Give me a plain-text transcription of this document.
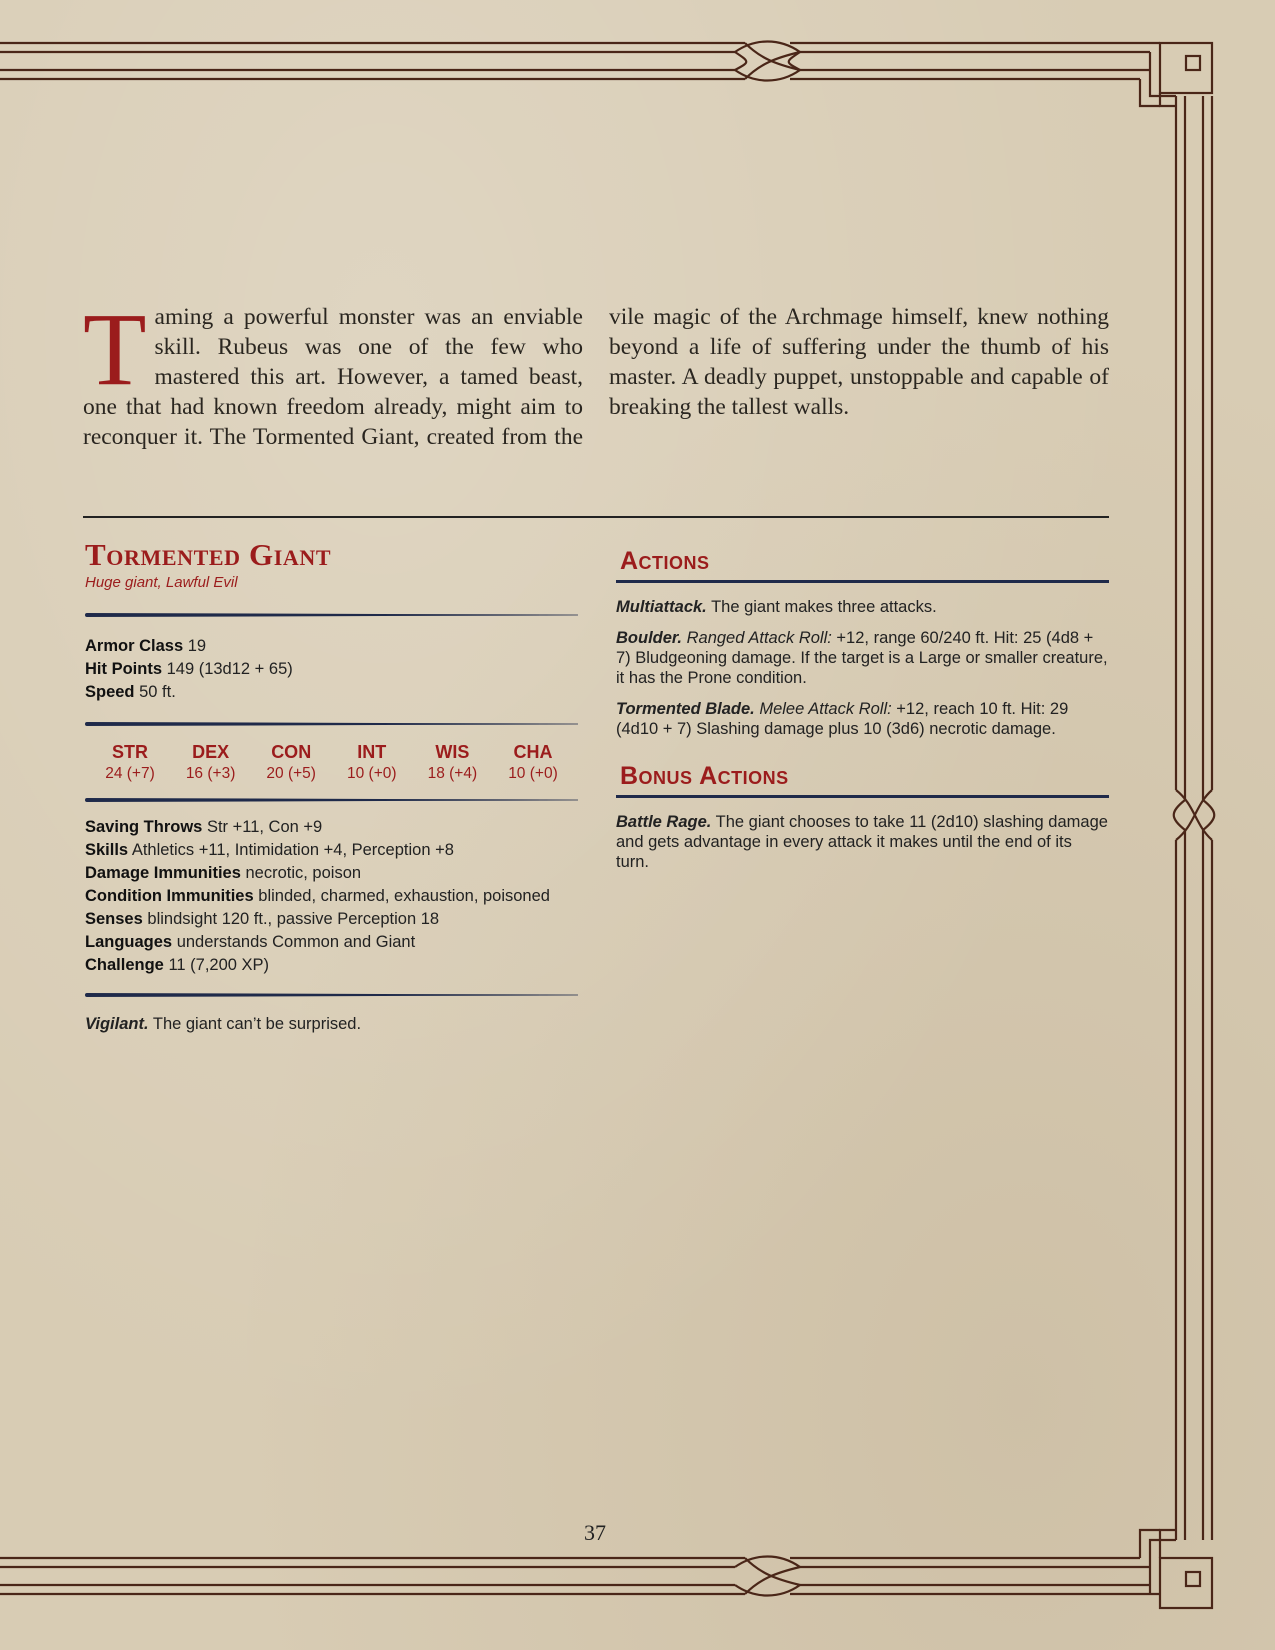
Taming a powerful monster was an enviable skill. Rubeus was one of the few who mastered this art. However, a tamed beast, one that had known freedom already, might aim to reconquer it. The Tormented Giant, created from the vile magic of the Archmage himself, knew nothing beyond a life of suffering under the thumb of his master. A deadly puppet, unstoppable and capable of breaking the tallest walls.
Tormented Giant
Huge giant, Lawful Evil
Armor Class 19
Hit Points 149 (13d12 + 65)
Speed 50 ft.
STR
24 (+7)
DEX
16 (+3)
CON
20 (+5)
INT
10 (+0)
WIS
18 (+4)
CHA
10 (+0)
Saving Throws Str +11, Con +9
Skills Athletics +11, Intimidation +4, Perception +8
Damage Immunities necrotic, poison
Condition Immunities blinded, charmed, exhaustion, poisoned
Senses blindsight 120 ft., passive Perception 18
Languages understands Common and Giant
Challenge 11 (7,200 XP)
Vigilant. The giant can’t be surprised.
Actions
Multiattack. The giant makes three attacks.
Boulder. Ranged Attack Roll: +12, range 60/240 ft. Hit: 25 (4d8 + 7) Bludgeoning damage. If the target is a Large or smaller creature, it has the Prone condition.
Tormented Blade. Melee Attack Roll: +12, reach 10 ft. Hit: 29 (4d10 + 7) Slashing damage plus 10 (3d6) necrotic damage.
Bonus Actions
Battle Rage. The giant chooses to take 11 (2d10) slashing damage and gets advantage in every attack it makes until the end of its turn.
37
